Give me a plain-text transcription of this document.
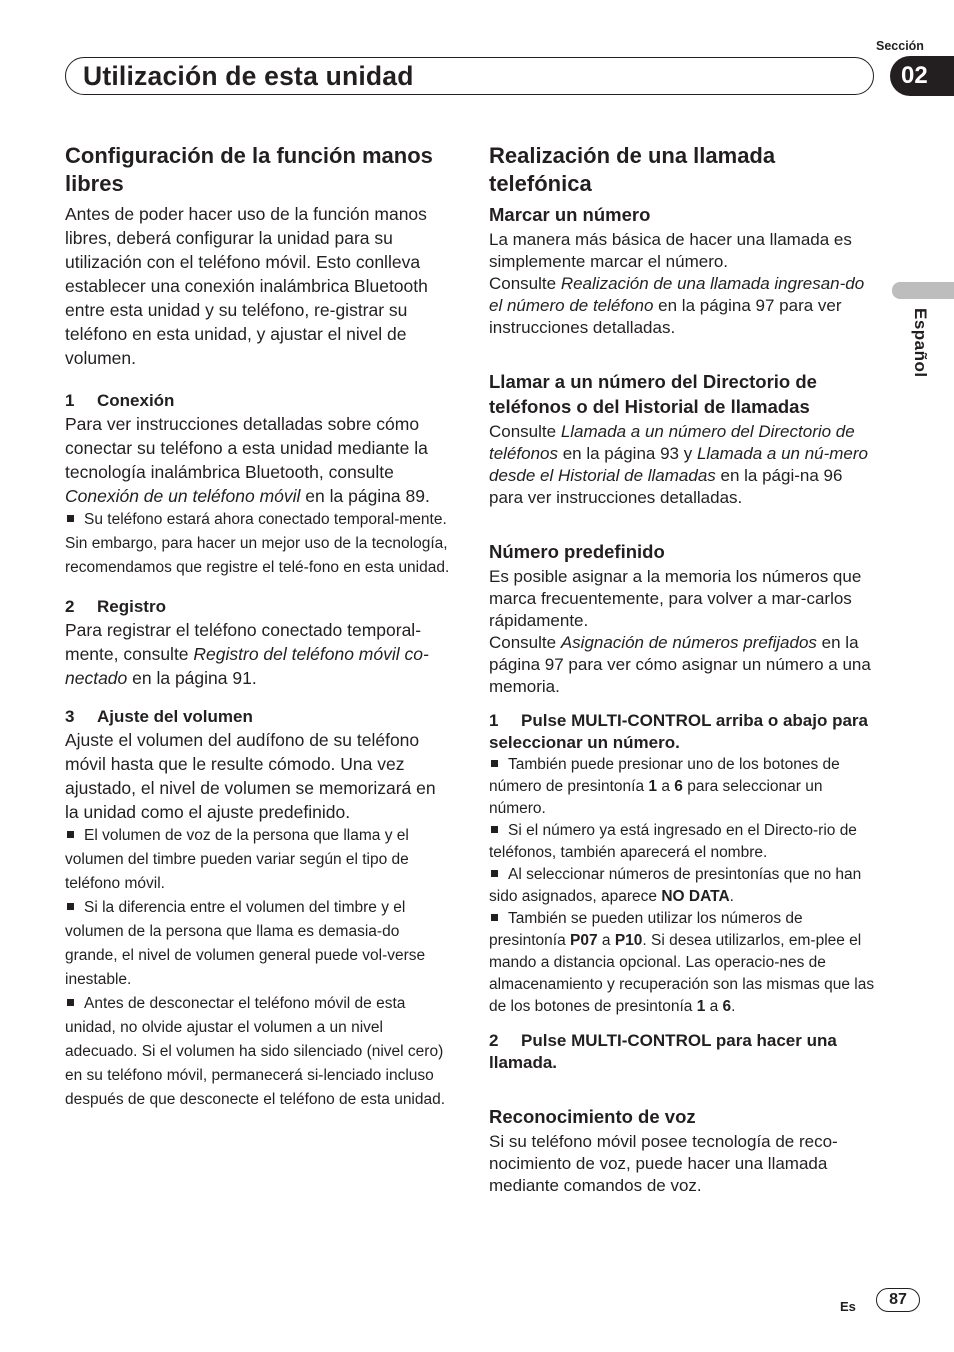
Utilización de esta unidad
Sección
02
Español
Configuración de la función manos libres

Antes de poder hacer uso de la función manos libres, deberá configurar la unidad para su utilización con el teléfono móvil. Esto conlleva establecer una conexión inalámbrica Bluetooth entre esta unidad y su teléfono, re-gistrar su teléfono en esta unidad, y ajustar el nivel de volumen.

1 Conexión

Para ver instrucciones detalladas sobre cómo conectar su teléfono a esta unidad mediante la tecnología inalámbrica Bluetooth, consulte Conexión de un teléfono móvil en la página 89.

Su teléfono estará ahora conectado temporal-mente. Sin embargo, para hacer un mejor uso de la tecnología, recomendamos que registre el telé-fono en esta unidad.

2 Registro

Para registrar el teléfono conectado temporal-mente, consulte Registro del teléfono móvil co-nectado en la página 91.

3 Ajuste del volumen

Ajuste el volumen del audífono de su teléfono móvil hasta que le resulte cómodo. Una vez ajustado, el nivel de volumen se memorizará en la unidad como el ajuste predefinido.

El volumen de voz de la persona que llama y el volumen del timbre pueden variar según el tipo de teléfono móvil.

Si la diferencia entre el volumen del timbre y el volumen de la persona que llama es demasia-do grande, el nivel de volumen general puede vol-verse inestable.

Antes de desconectar el teléfono móvil de esta unidad, no olvide ajustar el volumen a un nivel adecuado. Si el volumen ha sido silenciado (nivel cero) en su teléfono móvil, permanecerá si-lenciado incluso después de que desconecte el teléfono de esta unidad.

Realización de una llamada telefónica
Marcar un número

La manera más básica de hacer una llamada es simplemente marcar el número.

Consulte Realización de una llamada ingresan-do el número de teléfono en la página 97 para ver instrucciones detalladas.

Llamar a un número del Directorio de teléfonos o del Historial de llamadas

Consulte Llamada a un número del Directorio de teléfonos en la página 93 y Llamada a un nú-mero desde el Historial de llamadas en la pági-na 96 para ver instrucciones detalladas.

Número predefinido

Es posible asignar a la memoria los números que marca frecuentemente, para volver a mar-carlos rápidamente.

Consulte Asignación de números prefijados en la página 97 para ver cómo asignar un número a una memoria.

1 Pulse MULTI-CONTROL arriba o abajo para seleccionar un número.

También puede presionar uno de los botones de número de presintonía 1 a 6 para seleccionar un número.

Si el número ya está ingresado en el Directo-rio de teléfonos, también aparecerá el nombre.

Al seleccionar números de presintonías que no han sido asignados, aparece NO DATA.

También se pueden utilizar los números de presintonía P07 a P10. Si desea utilizarlos, em-plee el mando a distancia opcional. Las operacio-nes de almacenamiento y recuperación son las mismas que las de los botones de presintonía 1 a 6.

2 Pulse MULTI-CONTROL para hacer una llamada.

Reconocimiento de voz

Si su teléfono móvil posee tecnología de reco-nocimiento de voz, puede hacer una llamada mediante comandos de voz.

Es	87
